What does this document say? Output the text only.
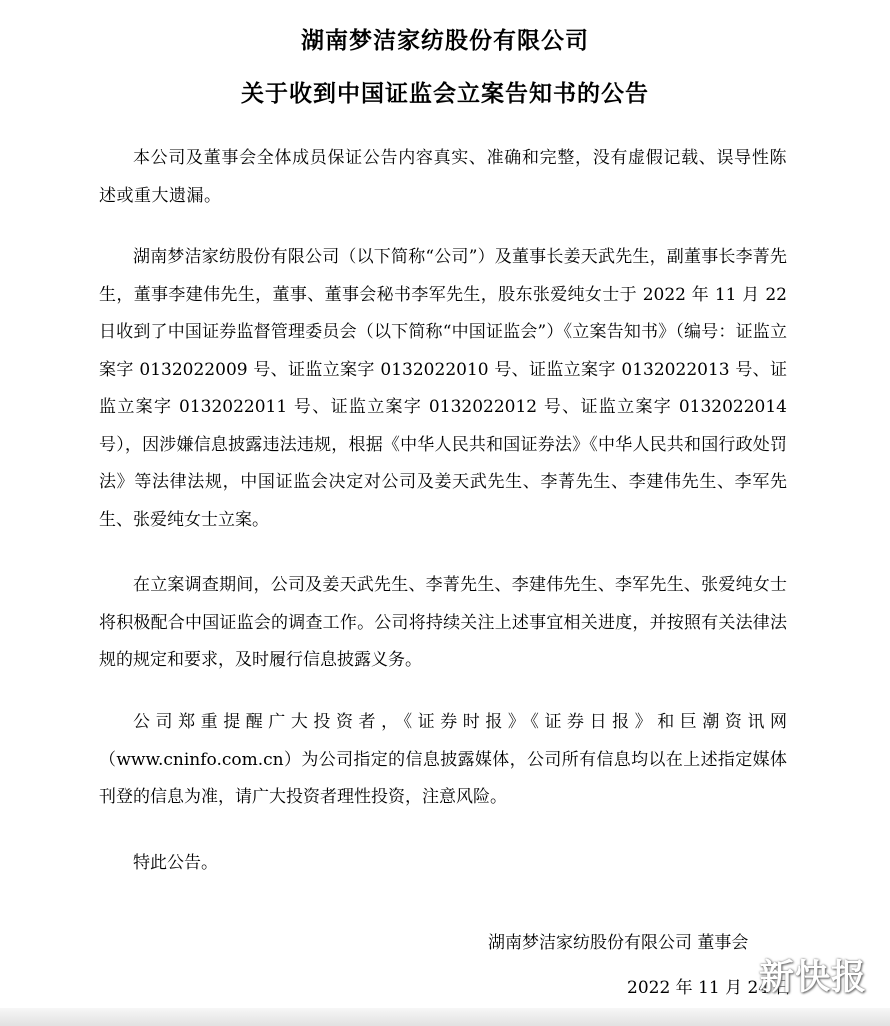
湖南梦洁家纺股份有限公司
关于收到中国证监会立案告知书的公告

本公司及董事会全体成员保证公告内容真实、准确和完整，没有虚假记载、误导性陈述或重大遗漏。

湖南梦洁家纺股份有限公司（以下简称“公司”）及董事长姜天武先生，副董事长李菁先生，董事李建伟先生，董事、董事会秘书李军先生，股东张爱纯女士于 2022 年 11 月 22 日收到了中国证券监督管理委员会（以下简称“中国证监会”）《立案告知书》（编号：证监立案字 0132022009 号、证监立案字 0132022010 号、证监立案字 0132022013 号、证监立案字 0132022011 号、证监立案字 0132022012 号、证监立案字 0132022014 号），因涉嫌信息披露违法违规，根据《中华人民共和国证券法》《中华人民共和国行政处罚法》等法律法规，中国证监会决定对公司及姜天武先生、李菁先生、李建伟先生、李军先生、张爱纯女士立案。

在立案调查期间，公司及姜天武先生、李菁先生、李建伟先生、李军先生、张爱纯女士将积极配合中国证监会的调查工作。公司将持续关注上述事宜相关进度，并按照有关法律法规的规定和要求，及时履行信息披露义务。

公司郑重提醒广大投资者，《证券时报》《证券日报》和巨潮资讯网（www.cninfo.com.cn）为公司指定的信息披露媒体，公司所有信息均以在上述指定媒体刊登的信息为准，请广大投资者理性投资，注意风险。

特此公告。

湖南梦洁家纺股份有限公司 董事会
2022 年 11 月 24 日
新快报
